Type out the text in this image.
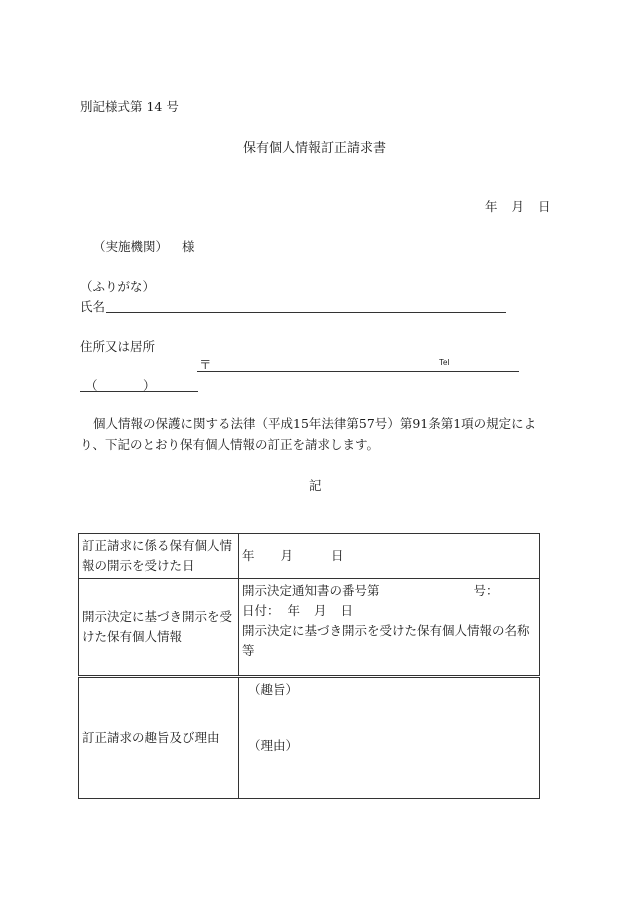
別記様式第 14 号
保有個人情報訂正請求書
年 月 日
（実施機関） 様
（ふりがな）
氏名
住所又は居所
〒	Tel
（	）
個人情報の保護に関する法律（平成15年法律第57号）第91条第1項の規定により、下記のとおり保有個人情報の訂正を請求します。
記
訂正請求に係る保有個人情報の開示を受けた日	年 月 日
開示決定に基づき開示を受けた保有個人情報	開示決定通知書の番号第 号：
日付： 年 月 日
開示決定に基づき開示を受けた保有個人情報の名称等

訂正請求の趣旨及び理由	（趣旨）
（理由）
